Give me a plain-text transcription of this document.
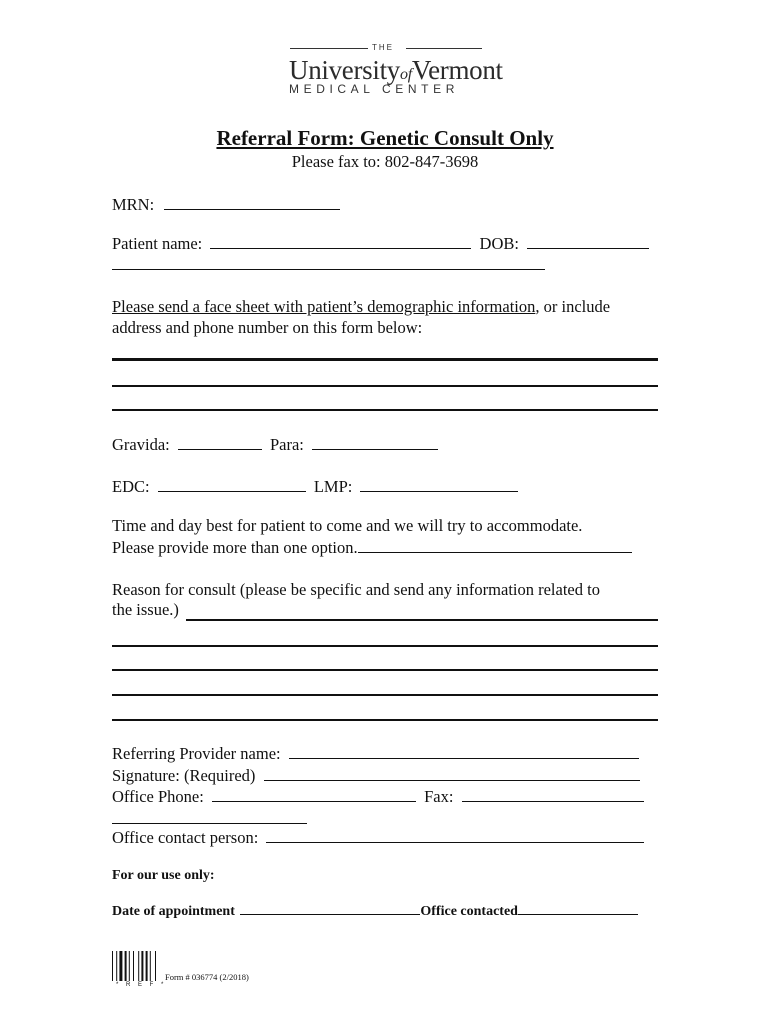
THE
UniversityofVermont
MEDICAL CENTER
Referral Form: Genetic Consult Only
Please fax to: 802-847-3698
MRN:
Patient name:	DOB:
Please send a face sheet with patient’s demographic information, or include
address and phone number on this form below:
Gravida:	Para:
EDC:	LMP:
Time and day best for patient to come and we will try to accommodate.
Please provide more than one option.
Reason for consult (please be specific and send any information related to
the issue.)
Referring Provider name:
Signature: (Required)
Office Phone:	Fax:
Office contact person:
For our use only:
Date of appointment	Office contacted
* R E F *
Form # 036774 (2/2018)
